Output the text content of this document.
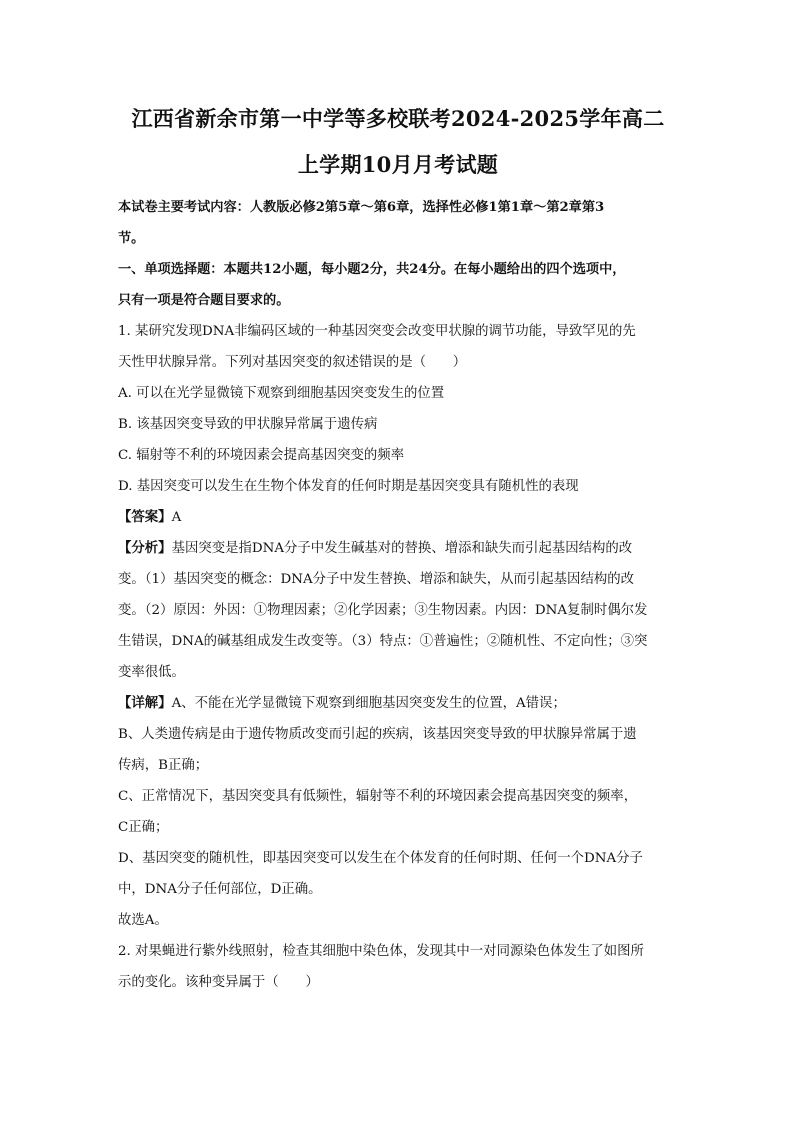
江西省新余市第一中学等多校联考2024-2025学年高二

上学期10月月考试题

本试卷主要考试内容：人教版必修2第5章～第6章，选择性必修1第1章～第2章第3

节。

一、单项选择题：本题共12小题，每小题2分，共24分。在每小题给出的四个选项中，

只有一项是符合题目要求的。

1. 某研究发现DNA非编码区域的一种基因突变会改变甲状腺的调节功能，导致罕见的先

天性甲状腺异常。下列对基因突变的叙述错误的是（　　）

A. 可以在光学显微镜下观察到细胞基因突变发生的位置

B. 该基因突变导致的甲状腺异常属于遗传病

C. 辐射等不利的环境因素会提高基因突变的频率

D. 基因突变可以发生在生物个体发育的任何时期是基因突变具有随机性的表现

【答案】A

【分析】基因突变是指DNA分子中发生碱基对的替换、增添和缺失而引起基因结构的改

变。（1）基因突变的概念：DNA分子中发生替换、增添和缺失，从而引起基因结构的改

变。（2）原因：外因：①物理因素；②化学因素；③生物因素。内因：DNA复制时偶尔发

生错误，DNA的碱基组成发生改变等。（3）特点：①普遍性；②随机性、不定向性；③突

变率很低。

【详解】A、不能在光学显微镜下观察到细胞基因突变发生的位置，A错误；

B、人类遗传病是由于遗传物质改变而引起的疾病，该基因突变导致的甲状腺异常属于遗

传病，B正确；

C、正常情况下，基因突变具有低频性，辐射等不利的环境因素会提高基因突变的频率，

C正确；

D、基因突变的随机性，即基因突变可以发生在个体发育的任何时期、任何一个DNA分子

中，DNA分子任何部位，D正确。

故选A。

2. 对果蝇进行紫外线照射，检查其细胞中染色体，发现其中一对同源染色体发生了如图所

示的变化。该种变异属于（　　）
